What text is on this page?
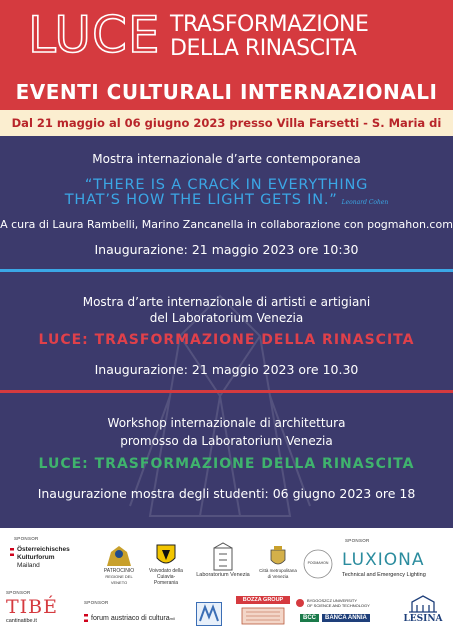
LUCE TRASFORMAZIONE
DELLA RINASCITA
EVENTI CULTURALI INTERNAZIONALI
Dal 21 maggio al 06 giugno 2023 presso Villa Farsetti - S. Maria di
Mostra internazionale d’arte contemporanea
“THERE IS A CRACK IN EVERYTHING
THAT’S HOW THE LIGHT GETS IN.” Leonard Cohen
A cura di Laura Rambelli, Marino Zancanella in collaborazione con pogmahon.com
Inaugurazione: 21 maggio 2023 ore 10:30
Mostra d’arte internazionale di artisti e artigiani
del Laboratorium Venezia
LUCE: TRASFORMAZIONE DELLA RINASCITA
Inaugurazione: 21 maggio 2023 ore 10.30
Workshop internazionale di architettura
promosso da Laboratorium Venezia
LUCE: TRASFORMAZIONE DELLA RINASCITA
Inaugurazione mostra degli studenti: 06 giugno 2023 ore 18
SPONSOR	SPONSOR
Österreichisches
Kulturforum
Mailand
PATROCINIO
REGIONE DEL VENETO
Voivodato della
Cuiavia-Pomerania
Laboratorium Venezia
Città metropolitana
di Venezia
POGMAHON LUXIONA
Technical and Emergency Lighting
SPONSOR
SPONSOR
TIBÉ
cantinatibe.it	forum austriaco di cultura mil
BOZZA GROUP	BYDGOSZCZ UNIVERSITY
OF SCIENCE AND TECHNOLOGY
BCC	BANCA ANNIA	LESINA
